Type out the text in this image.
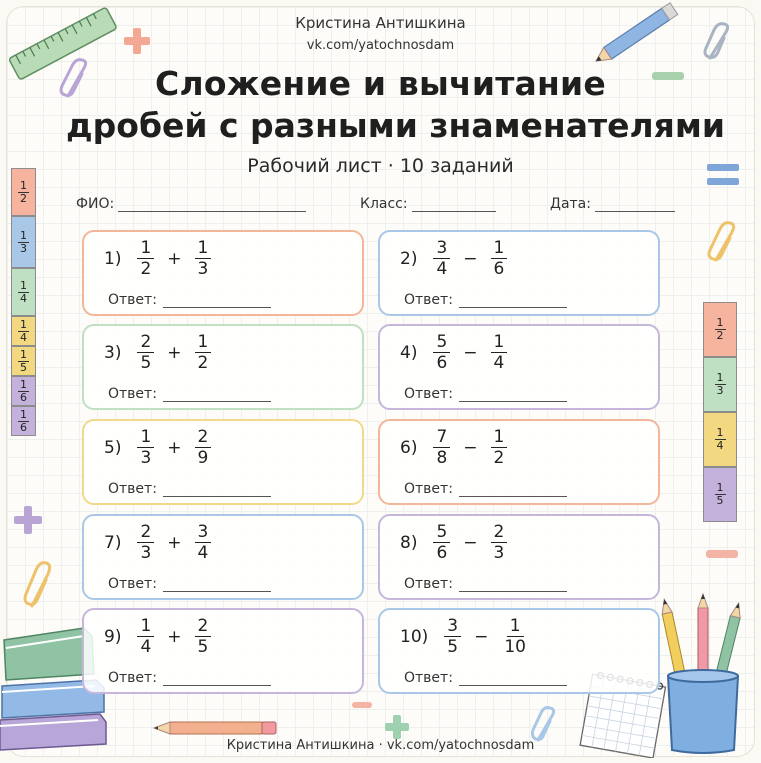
Кристина Антишкина
vk.com/yatochnosdam
Сложение и вычитание
дробей с разными знаменателями
Рабочий лист · 10 заданий
ФИО:	Класс:	Дата:
$1) \frac{1}{2} + \frac{1}{3}$
Ответ:
$2) \frac{3}{4} - \frac{1}{6}$
Ответ:
$3) \frac{2}{5} + \frac{1}{2}$
Ответ:
$4) \frac{5}{6} - \frac{1}{4}$
Ответ:
$5) \frac{1}{3} + \frac{2}{9}$
Ответ:
$6) \frac{7}{8} - \frac{1}{2}$
Ответ:
$7) \frac{2}{3} + \frac{3}{4}$
Ответ:
$8) \frac{5}{6} - \frac{2}{3}$
Ответ:
$9) \frac{1}{4} + \frac{2}{5}$
Ответ:
$10) \frac{3}{5} - \frac{1}{10}$
Ответ:
$\frac{1}{2}$
$\frac{1}{3}$
$\frac{1}{4}$
$\frac{1}{4}$
$\frac{1}{5}$
$\frac{1}{6}$
$\frac{1}{6}$
$\frac{1}{2}$
$\frac{1}{3}$
$\frac{1}{4}$
$\frac{1}{5}$
Кристина Антишкина · vk.com/yatochnosdam
